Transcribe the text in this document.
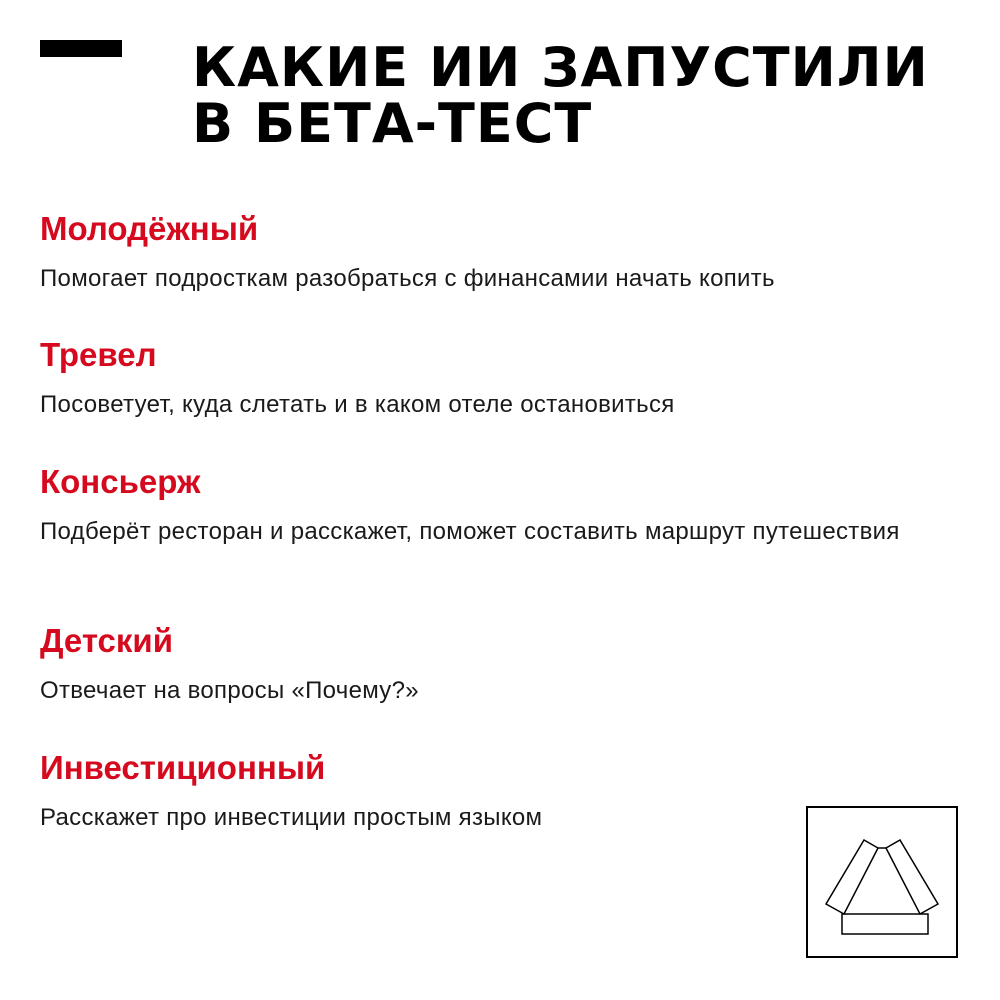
КАКИЕ ИИ ЗАПУСТИЛИ
В БЕТА-ТЕСТ
Молодёжный

Помогает подросткам разобраться с финансамии начать копить

Тревел

Посоветует, куда слетать и в каком отеле остановиться

Консьерж

Подберёт ресторан и расскажет, поможет составить маршрут путешествия

Детский

Отвечает на вопросы «Почему?»

Инвестиционный

Расскажет про инвестиции простым языком
